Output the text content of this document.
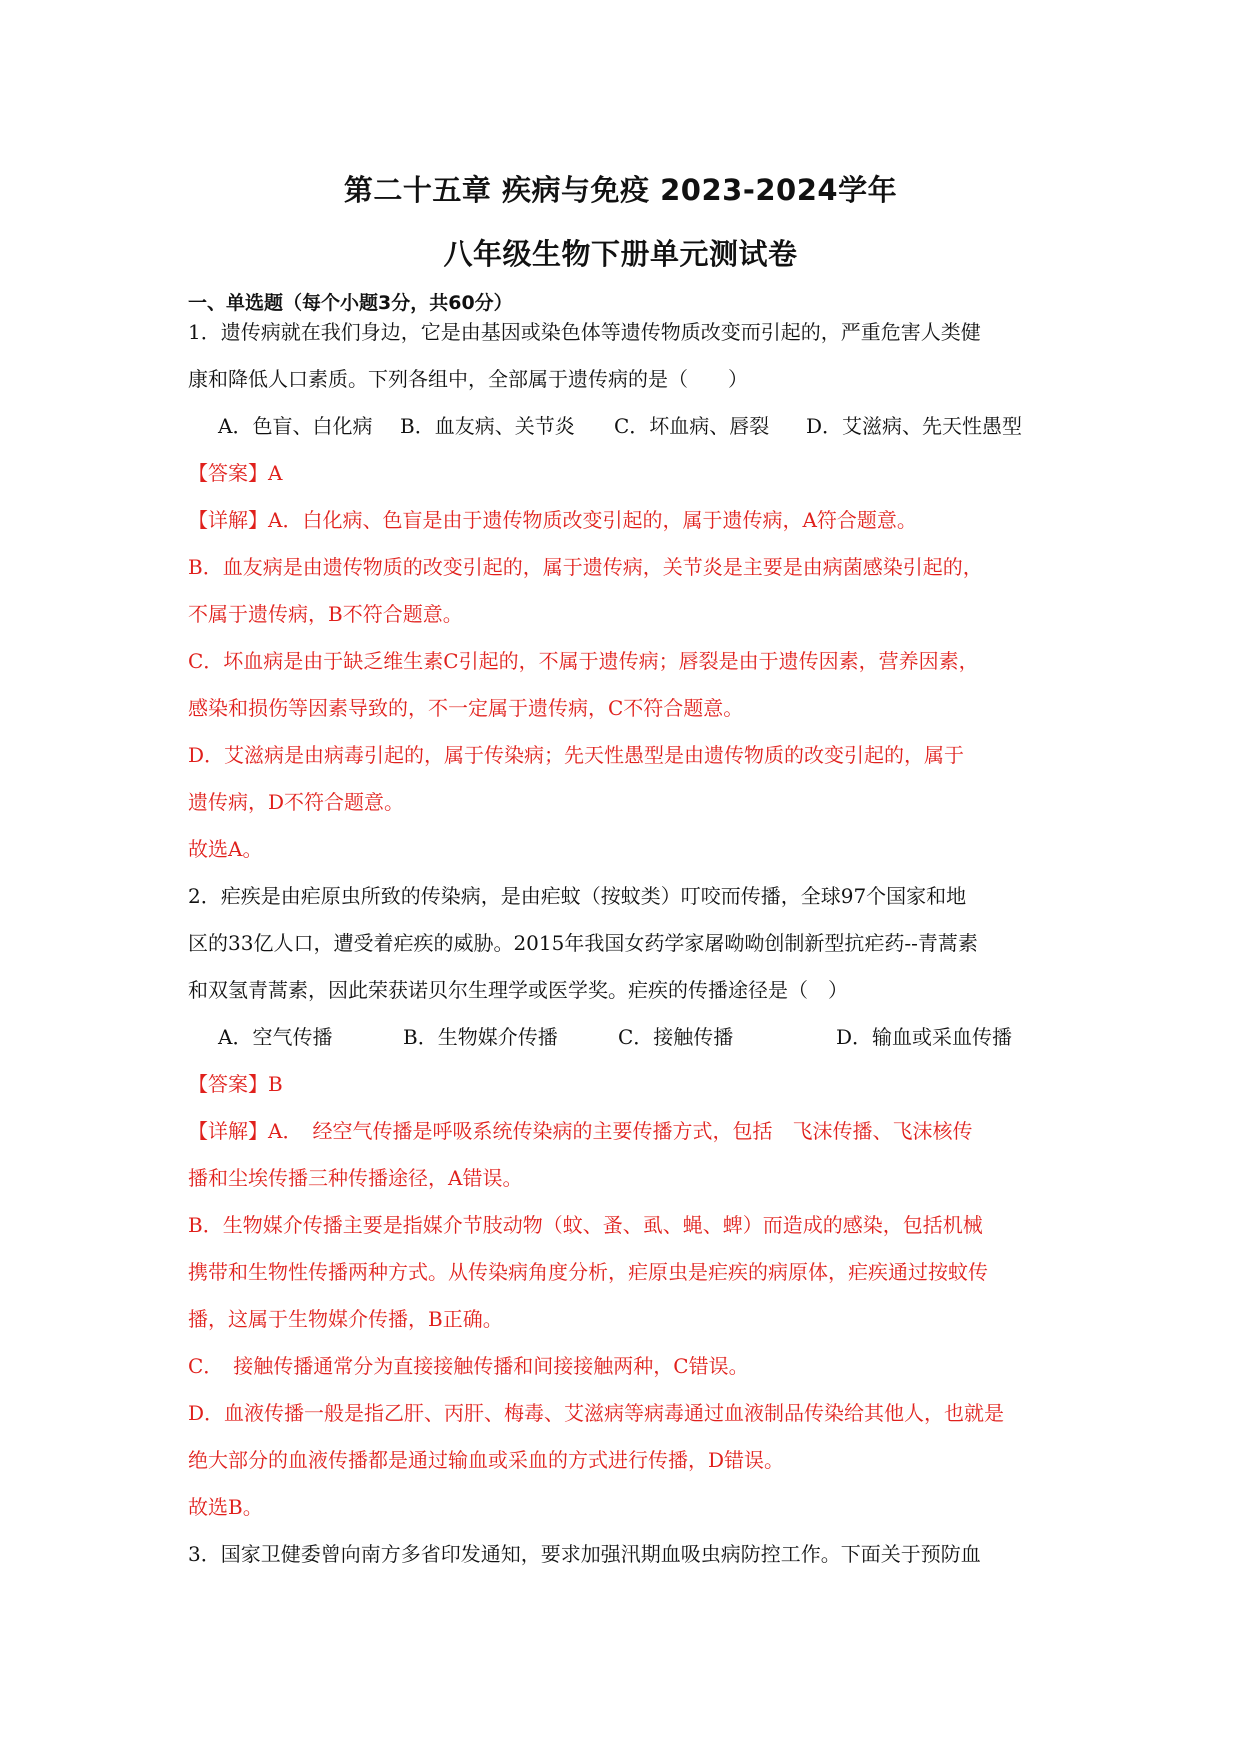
第二十五章 疾病与免疫 2023-2024学年
八年级生物下册单元测试卷
一、单选题（每个小题3分，共60分）
1．遗传病就在我们身边，它是由基因或染色体等遗传物质改变而引起的，严重危害人类健
康和降低人口素质。下列各组中，全部属于遗传病的是（　　）
A．色盲、白化病 B．血友病、关节炎 C．坏血病、唇裂 D．艾滋病、先天性愚型
【答案】A
【详解】A．白化病、色盲是由于遗传物质改变引起的，属于遗传病，A符合题意。
B．血友病是由遗传物质的改变引起的，属于遗传病，关节炎是主要是由病菌感染引起的，
不属于遗传病，B不符合题意。
C．坏血病是由于缺乏维生素C引起的，不属于遗传病；唇裂是由于遗传因素，营养因素，
感染和损伤等因素导致的，不一定属于遗传病，C不符合题意。
D．艾滋病是由病毒引起的，属于传染病；先天性愚型是由遗传物质的改变引起的，属于
遗传病，D不符合题意。
故选A。
2．疟疾是由疟原虫所致的传染病，是由疟蚊（按蚊类）叮咬而传播，全球97个国家和地
区的33亿人口，遭受着疟疾的威胁。2015年我国女药学家屠呦呦创制新型抗疟药--青蒿素
和双氢青蒿素，因此荣获诺贝尔生理学或医学奖。疟疾的传播途径是（　）
A．空气传播	B．生物媒介传播	C．接触传播	D．输血或采血传播
【答案】B
【详解】A．　经空气传播是呼吸系统传染病的主要传播方式，包括　飞沫传播、飞沫核传
播和尘埃传播三种传播途径，A错误。
B．生物媒介传播主要是指媒介节肢动物（蚊、蚤、虱、蝇、蜱）而造成的感染，包括机械
携带和生物性传播两种方式。从传染病角度分析，疟原虫是疟疾的病原体，疟疾通过按蚊传
播，这属于生物媒介传播，B正确。
C．　接触传播通常分为直接接触传播和间接接触两种，C错误。
D．血液传播一般是指乙肝、丙肝、梅毒、艾滋病等病毒通过血液制品传染给其他人，也就是
绝大部分的血液传播都是通过输血或采血的方式进行传播，D错误。
故选B。
3．国家卫健委曾向南方多省印发通知，要求加强汛期血吸虫病防控工作。下面关于预防血
